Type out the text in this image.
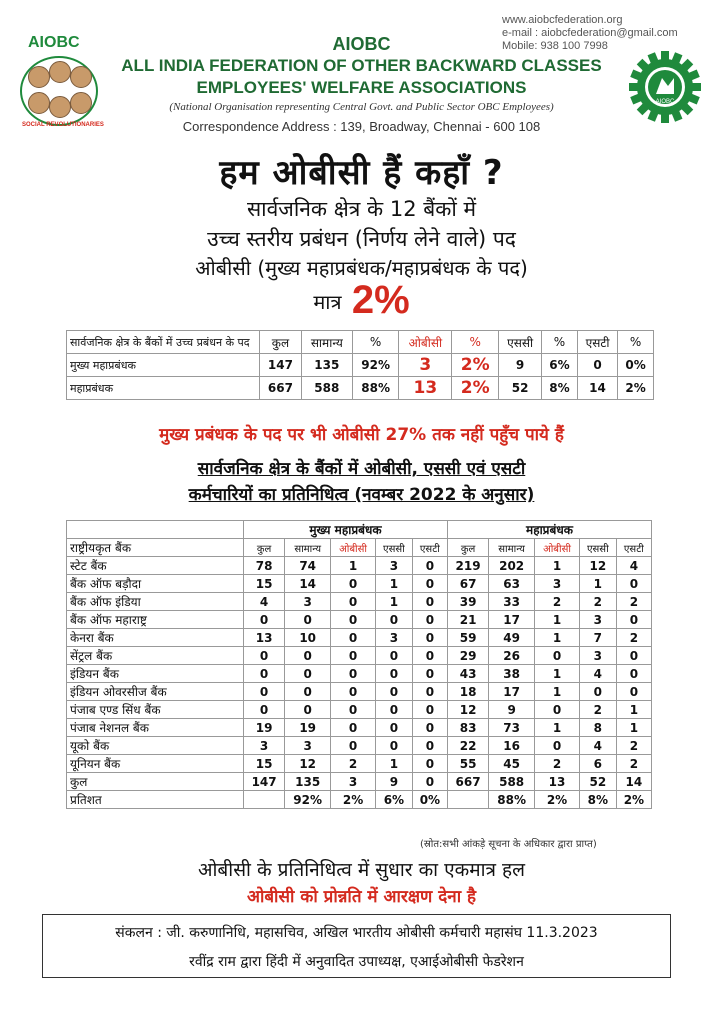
AIOBC
SOCIAL REVOLUTIONARIES
www.aiobcfederation.org
e-mail : aiobcfederation@gmail.com
Mobile: 938 100 7998
AIOBC
ALL INDIA FEDERATION OF OTHER BACKWARD CLASSES
EMPLOYEES' WELFARE ASSOCIATIONS
(National Organisation representing Central Govt. and Public Sector OBC Employees)
Correspondence Address : 139, Broadway, Chennai - 600 108
AIOBC
हम ओबीसी हैं कहाँ ?
सार्वजनिक क्षेत्र के 12 बैंकों में
उच्च स्तरीय प्रबंधन (निर्णय लेने वाले) पद
ओबीसी (मुख्य महाप्रबंधक/महाप्रबंधक के पद)
मात्र 2%
सार्वजनिक क्षेत्र के बैंकों में उच्च प्रबंधन के पद	कुल	सामान्य	%	ओबीसी	%	एससी	%	एसटी	%
मुख्य महाप्रबंधक	147	135	92%	3	2%	9	6%	0	0%
महाप्रबंधक	667	588	88%	13	2%	52	8%	14	2%
मुख्य प्रबंधक के पद पर भी ओबीसी 27% तक नहीं पहुँच पाये हैं
सार्वजनिक क्षेत्र के बैंकों में ओबीसी, एससी एवं एसटी
कर्मचारियों का प्रतिनिधित्व (नवम्बर 2022 के अनुसार)
	मुख्य महाप्रबंधक					महाप्रबंधक				
राष्ट्रीयकृत बैंक	कुल	सामान्य	ओबीसी	एससी	एसटी	कुल	सामान्य	ओबीसी	एससी	एसटी
स्टेट बैंक	78	74	1	3	0	219	202	1	12	4
बैंक ऑफ बड़ौदा	15	14	0	1	0	67	63	3	1	0
बैंक ऑफ इंडिया	4	3	0	1	0	39	33	2	2	2
बैंक ऑफ महाराष्ट्र	0	0	0	0	0	21	17	1	3	0
केनरा बैंक	13	10	0	3	0	59	49	1	7	2
सेंट्रल बैंक	0	0	0	0	0	29	26	0	3	0
इंडियन बैंक	0	0	0	0	0	43	38	1	4	0
इंडियन ओवरसीज बैंक	0	0	0	0	0	18	17	1	0	0
पंजाब एण्ड सिंध बैंक	0	0	0	0	0	12	9	0	2	1
पंजाब नेशनल बैंक	19	19	0	0	0	83	73	1	8	1
यूको बैंक	3	3	0	0	0	22	16	0	4	2
यूनियन बैंक	15	12	2	1	0	55	45	2	6	2
कुल	147	135	3	9	0	667	588	13	52	14
प्रतिशत		92%	2%	6%	0%		88%	2%	8%	2%
(स्रोत:सभी आंकड़े सूचना के अधिकार द्वारा प्राप्त)
ओबीसी के प्रतिनिधित्व में सुधार का एकमात्र हल
ओबीसी को प्रोन्नति में आरक्षण देना है
संकलन : जी. करुणानिधि, महासचिव, अखिल भारतीय ओबीसी कर्मचारी महासंघ 11.3.2023
रवींद्र राम द्वारा हिंदी में अनुवादित उपाध्यक्ष, एआईओबीसी फेडरेशन
